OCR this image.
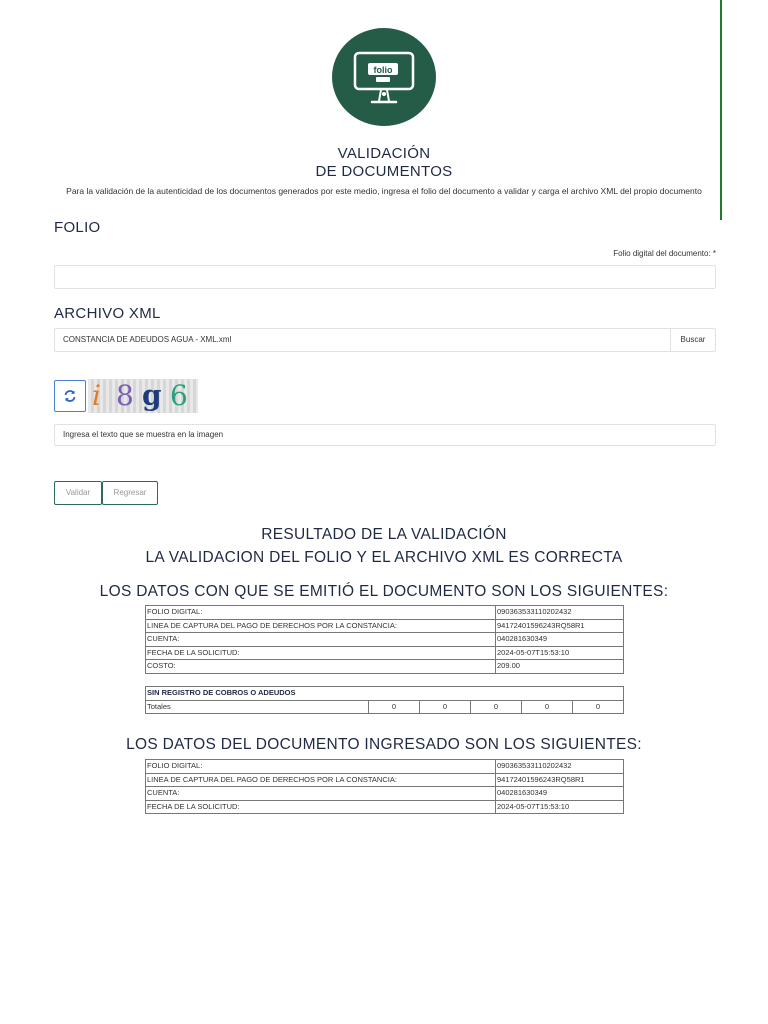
folio
VALIDACIÓN
DE DOCUMENTOS
Para la validación de la autenticidad de los documentos generados por este medio, ingresa el folio del documento a validar y carga el archivo XML del propio documento
FOLIO
Folio digital del documento: *
ARCHIVO XML
CONSTANCIA DE ADEUDOS AGUA - XML.xml	Buscar
i 8 g 6
Ingresa el texto que se muestra en la imagen
Validar	Regresar
RESULTADO DE LA VALIDACIÓN
LA VALIDACION DEL FOLIO Y EL ARCHIVO XML ES CORRECTA
LOS DATOS CON QUE SE EMITIÓ EL DOCUMENTO SON LOS SIGUIENTES:
FOLIO DIGITAL:	090363533110202432
LINEA DE CAPTURA DEL PAGO DE DERECHOS POR LA CONSTANCIA:	94172401596243RQ58R1
CUENTA:	040281630349
FECHA DE LA SOLICITUD:	2024-05-07T15:53:10
COSTO:	209.00
SIN REGISTRO DE COBROS O ADEUDOS
Totales	0	0	0	0	0
LOS DATOS DEL DOCUMENTO INGRESADO SON LOS SIGUIENTES:
FOLIO DIGITAL:	090363533110202432
LINEA DE CAPTURA DEL PAGO DE DERECHOS POR LA CONSTANCIA:	94172401596243RQ58R1
CUENTA:	040281630349
FECHA DE LA SOLICITUD:	2024-05-07T15:53:10
